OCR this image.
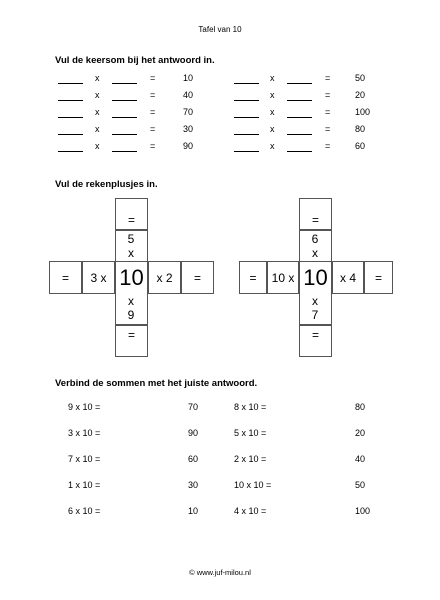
Tafel van 10
Vul de keersom bij het antwoord in.
x	=	10
x	=	40
x	=	70
x	=	30
x	=	90
x	=	50
x	=	20
x	=	100
x	=	80
x	=	60
Vul de rekenplusjes in.
=
5
x
=	3 x 10	x 2	=
x
9
=
=
6
x
=	10 x 10	x 4	=
x
7
=
Verbind de sommen met het juiste antwoord.
9 x 10 =	70
3 x 10 =	90
7 x 10 =	60
1 x 10 =	30
6 x 10 =	10
8 x 10 =	80
5 x 10 =	20
2 x 10 =	40
10 x 10 =	50
4 x 10 =	100
© www.juf-milou.nl
